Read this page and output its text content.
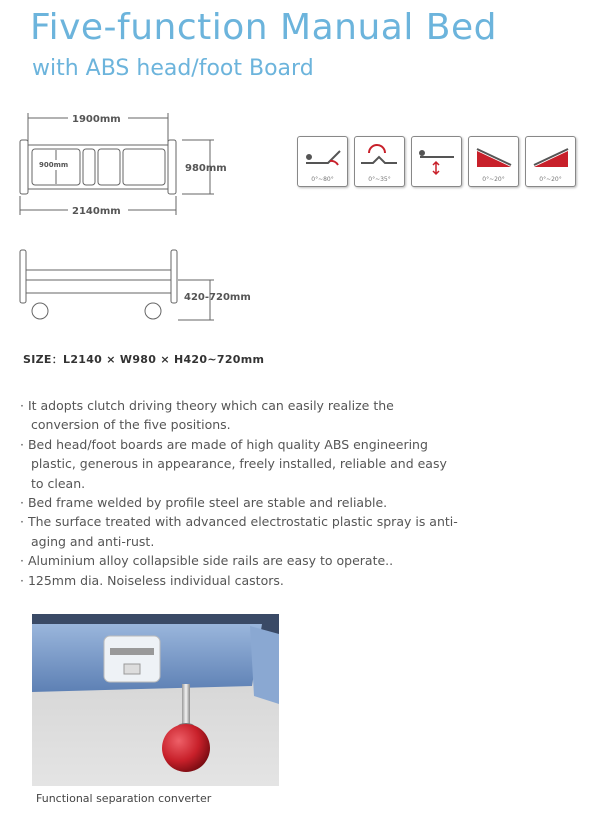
Five-function Manual Bed
with ABS head/foot Board
1900mm
900mm	980mm
2140mm
420-720mm
0°~80°	0°~35°	0°~20°	0°~20°
SIZE：L2140 × W980 × H420~720mm
· It adopts clutch driving theory which can easily realize the conversion of the five positions.
· Bed head/foot boards are made of high quality ABS engineering plastic, generous in appearance, freely installed, reliable and easy to clean.
· Bed frame welded by profile steel are stable and reliable.
· The surface treated with advanced electrostatic plastic spray is anti-aging and anti-rust.
· Aluminium alloy collapsible side rails are easy to operate..
· 125mm dia. Noiseless individual castors.
Functional separation converter
